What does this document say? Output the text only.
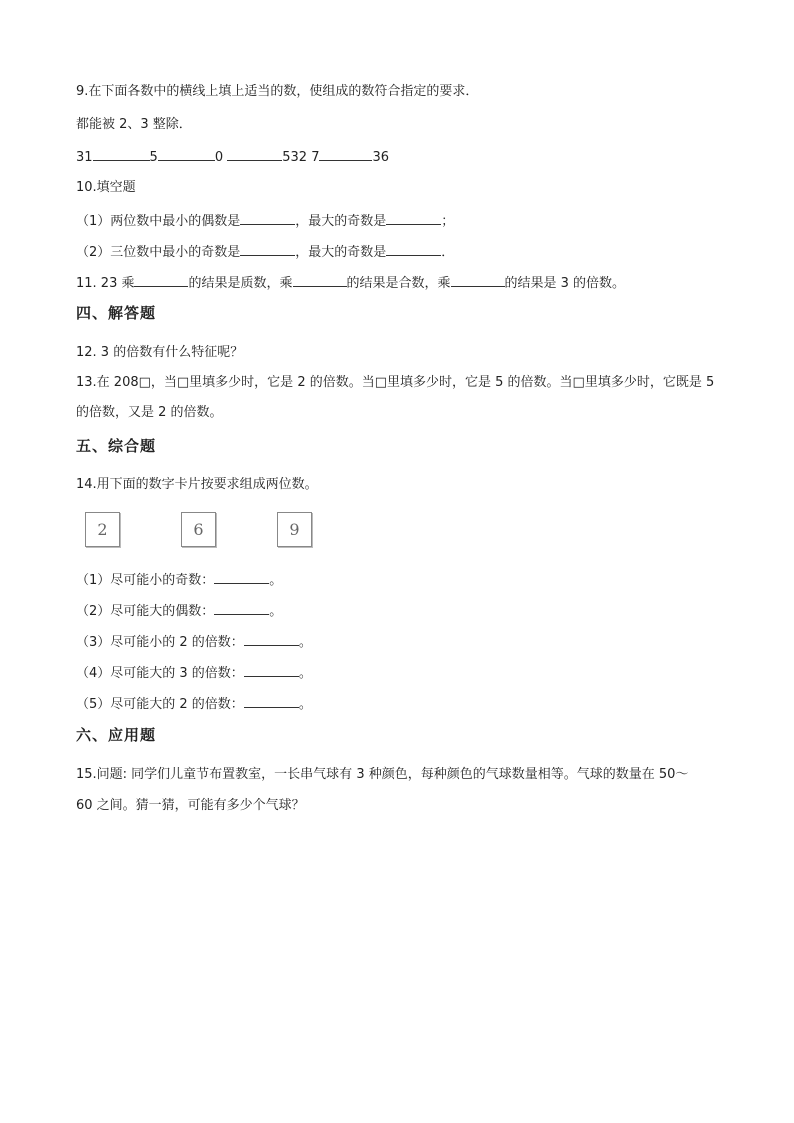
9.在下面各数中的横线上填上适当的数，使组成的数符合指定的要求．
都能被 2、3 整除．
31	5	0	532 7	36
10.填空题
（1）两位数中最小的偶数是	，最大的奇数是	；
（2）三位数中最小的奇数是	，最大的奇数是	．
11. 23 乘	的结果是质数，乘	的结果是合数，乘	的结果是 3 的倍数。
四、解答题
12. 3 的倍数有什么特征呢？
13.在 208□，当□里填多少时，它是 2 的倍数。当□里填多少时，它是 5 的倍数。当□里填多少时，它既是 5
的倍数，又是 2 的倍数。
五、综合题
14.用下面的数字卡片按要求组成两位数。
2	6	9
（1）尽可能小的奇数：	。
（2）尽可能大的偶数：	。
（3）尽可能小的 2 的倍数：	。
（4）尽可能大的 3 的倍数：	。
（5）尽可能大的 2 的倍数：	。
六、应用题
15.问题: 同学们儿童节布置教室，一长串气球有 3 种颜色，每种颜色的气球数量相等。气球的数量在 50～
60 之间。猜一猜，可能有多少个气球？
